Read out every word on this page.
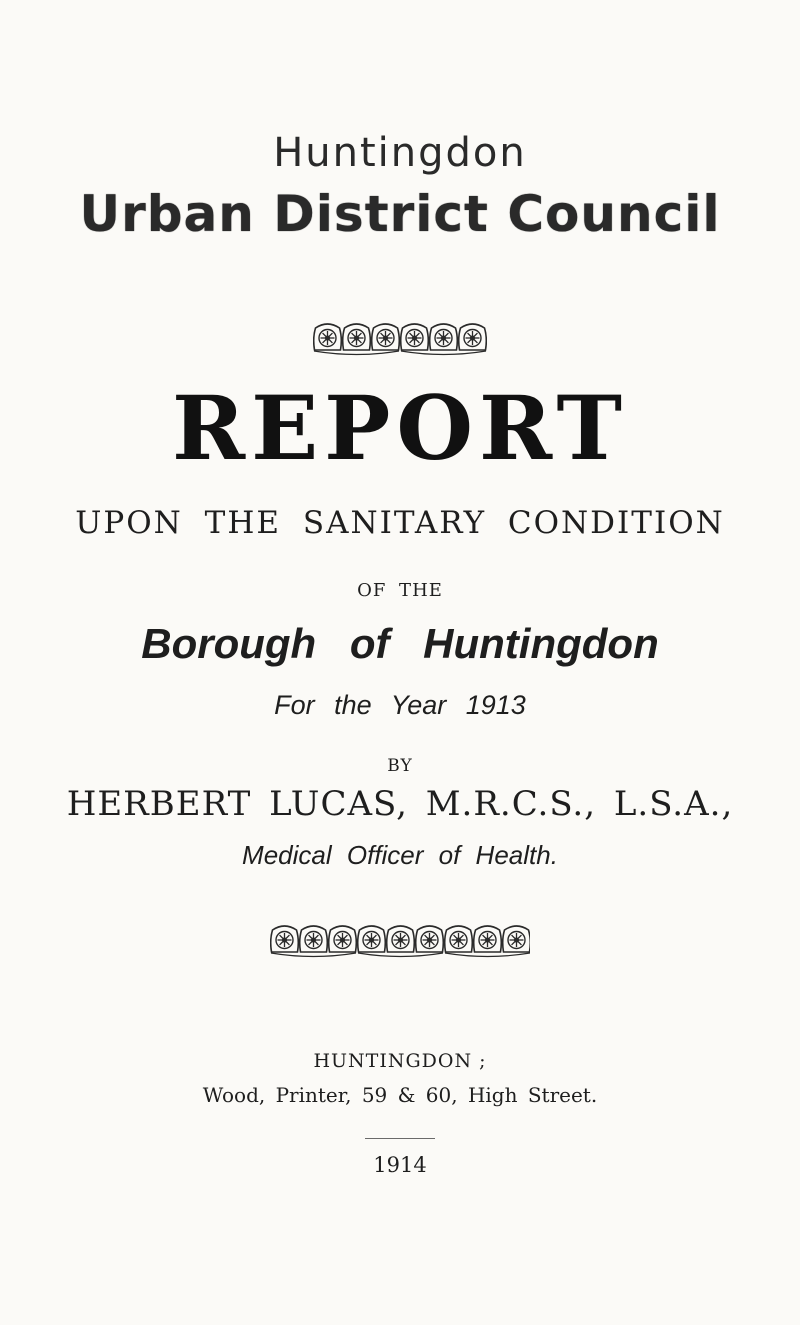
Huntingdon
Urban District Council
REPORT
UPON THE SANITARY CONDITION
OF THE
Borough of Huntingdon
For the Year 1913
BY
HERBERT LUCAS, M.R.C.S., L.S.A.,
Medical Officer of Health.
HUNTINGDON ;
Wood, Printer, 59 & 60, High Street.
1914
